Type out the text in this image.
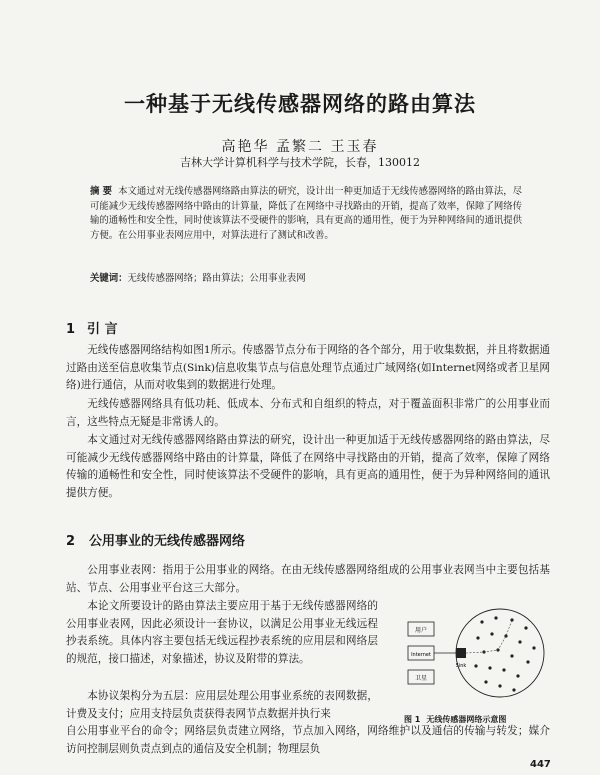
一种基于无线传感器网络的路由算法
高艳华 孟繁二 王玉春
吉林大学计算机科学与技术学院，长春，130012
摘 要 本文通过对无线传感器网络路由算法的研究，设计出一种更加适于无线传感器网络的路由算法，尽可能减少无线传感器网络中路由的计算量，降低了在网络中寻找路由的开销，提高了效率，保障了网络传输的通畅性和安全性，同时使该算法不受硬件的影响，具有更高的通用性，便于为异种网络间的通讯提供方便。在公用事业表网应用中，对算法进行了测试和改善。
关键词：无线传感器网络；路由算法；公用事业表网
1 引 言
无线传感器网络结构如图1所示。传感器节点分布于网络的各个部分，用于收集数据，并且将数据通过路由送至信息收集节点(Sink)信息收集节点与信息处理节点通过广域网络(如Internet网络或者卫星网络)进行通信，从而对收集到的数据进行处理。
无线传感器网络具有低功耗、低成本、分布式和自组织的特点，对于覆盖面积非常广的公用事业而言，这些特点无疑是非常诱人的。
本文通过对无线传感器网络路由算法的研究，设计出一种更加适于无线传感器网络的路由算法，尽可能减少无线传感器网络中路由的计算量，降低了在网络中寻找路由的开销，提高了效率，保障了网络传输的通畅性和安全性，同时使该算法不受硬件的影响，具有更高的通用性，便于为异种网络间的通讯提供方便。
2 公用事业的无线传感器网络
公用事业表网：指用于公用事业的网络。在由无线传感器网络组成的公用事业表网当中主要包括基站、节点、公用事业平台这三大部分。
本论文所要设计的路由算法主要应用于基于无线传感器网络的公用事业表网，因此必须设计一套协议，以满足公用事业无线远程抄表系统。具体内容主要包括无线远程抄表系统的应用层和网络层的规范，接口描述，对象描述，协议及附带的算法。
本协议架构分为五层：应用层处理公用事业系统的表网数据，计费及支付；应用支持层负责获得表网节点数据并执行来
自公用事业平台的命令；网络层负责建立网络，节点加入网络，网络维护以及通信的传输与转发；媒介访问控制层则负责点到点的通信及安全机制；物理层负
用户
Internet
卫星
Sink
图 1 无线传感器网络示意图
447
